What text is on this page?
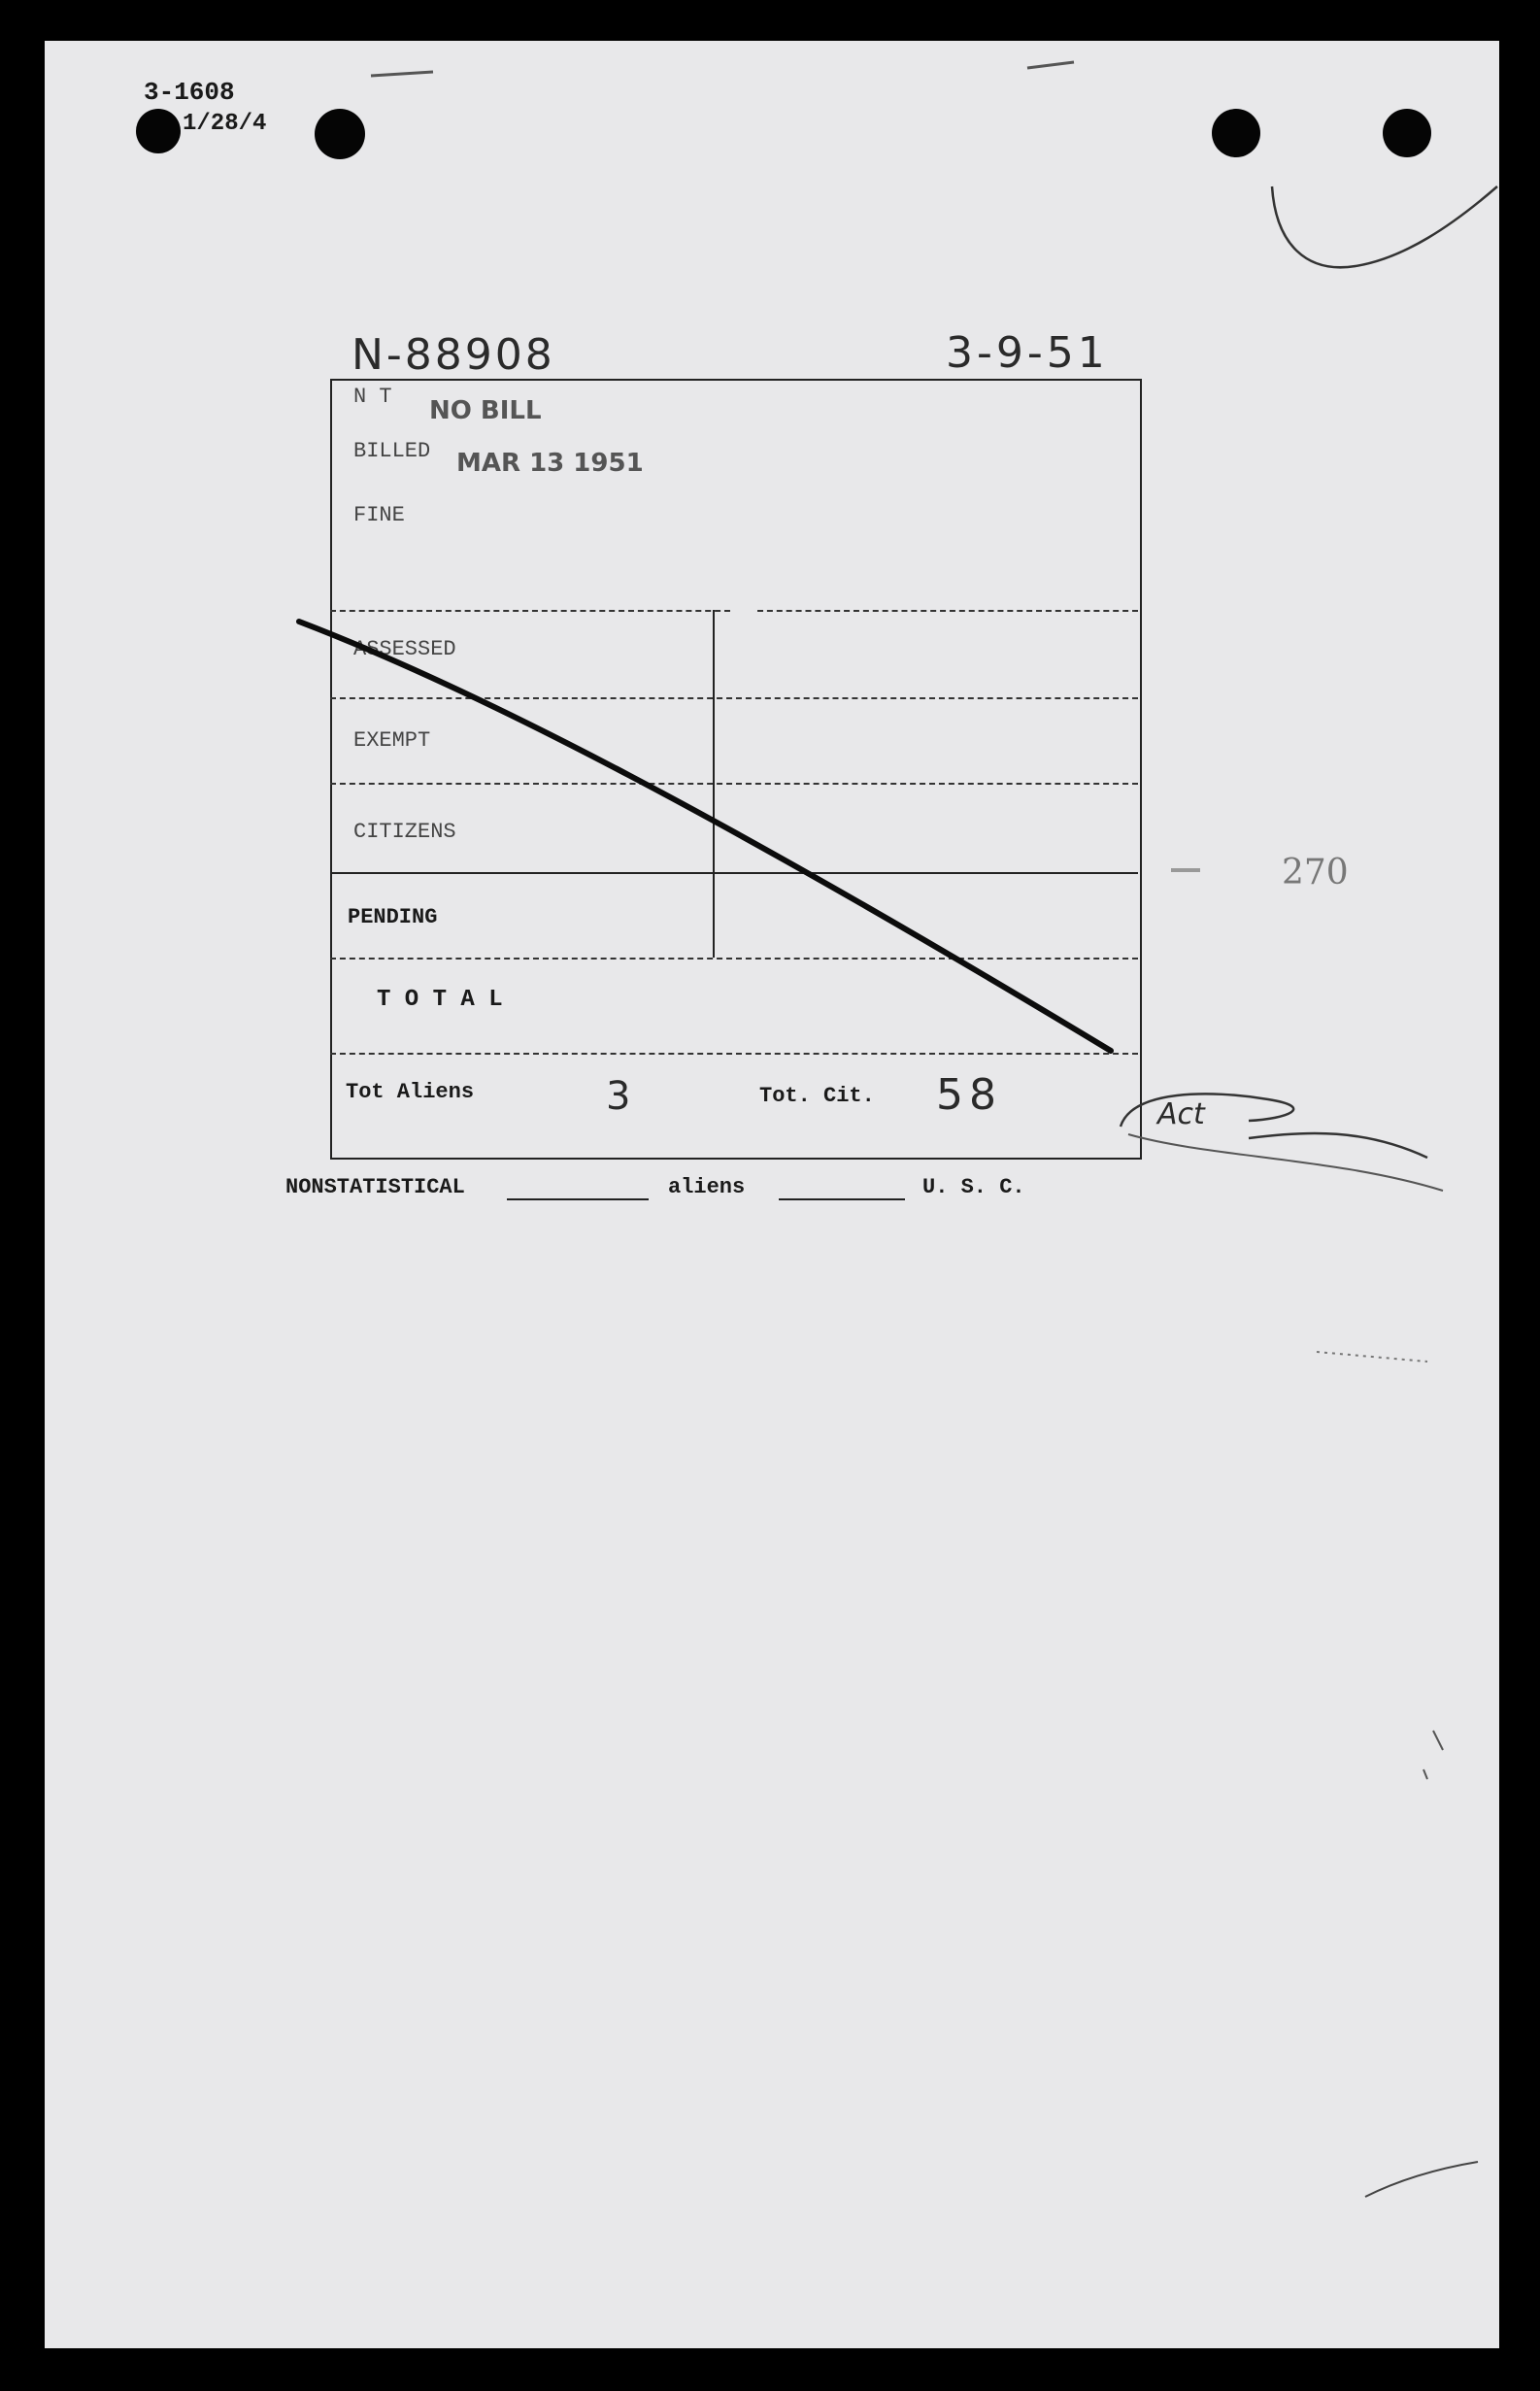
3-1608
1/28/4
N-88908	3-9-51
N T NO BILL
BILLED MAR 13 1951
FINE
ASSESSED
EXEMPT
CITIZENS
PENDING
T O T A L
Tot Aliens	3	Tot. Cit. 58
NONSTATISTICAL	aliens	U. S. C.
270
Act
